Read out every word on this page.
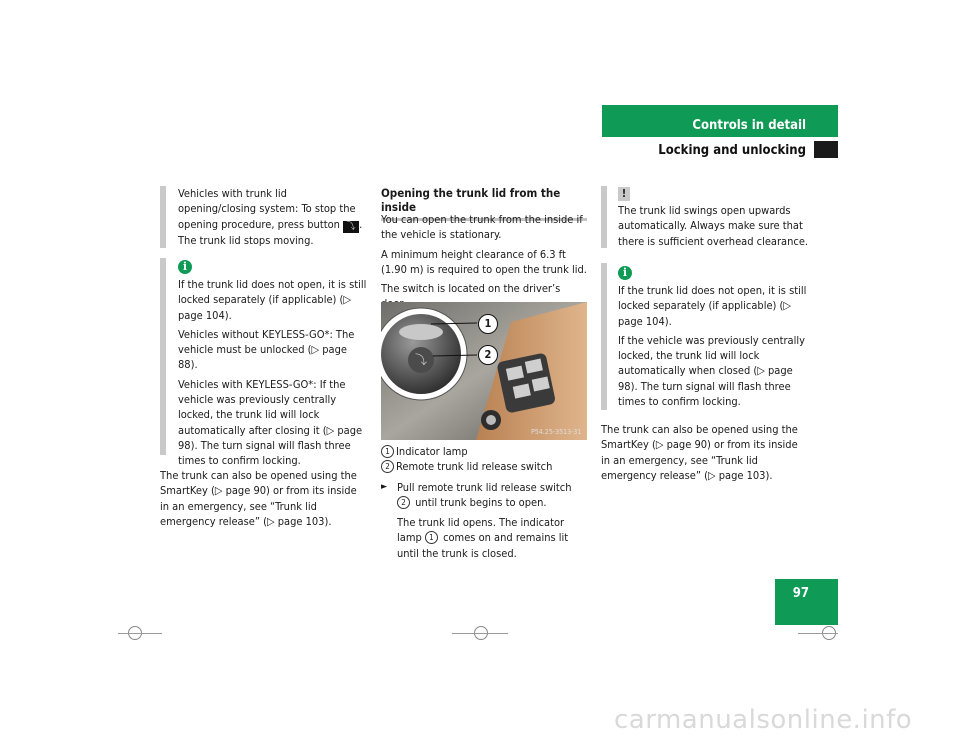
Controls in detail
Locking and unlocking
97
Vehicles with trunk lid opening/closing system: To stop the opening procedure, press button ⤵ . The trunk lid stops moving.
i

If the trunk lid does not open, it is still locked separately (if applicable) (▷ page 104).

Vehicles without KEYLESS-GO*: The vehicle must be unlocked (▷ page 88).

Vehicles with KEYLESS-GO*: If the vehicle was previously centrally locked, the trunk lid will lock automatically after closing it (▷ page 98). The turn signal will flash three times to confirm locking.

The trunk can also be opened using the SmartKey (▷ page 90) or from its inside in an emergency, see “Trunk lid emergency release” (▷ page 103).
Opening the trunk lid from the inside

You can open the trunk from the inside if the vehicle is stationary.

A minimum height clearance of 6.3 ft (1.90 m) is required to open the trunk lid.

The switch is located on the driver’s

⤵
1
2
P54.25-3513-31
1 Indicator lamp
2 Remote trunk lid release switch
► Pull remote trunk lid release switch 2 until trunk begins to open.
The trunk lid opens. The indicator lamp 1 comes on and remains lit until the trunk is closed.
!
The trunk lid swings open upwards automatically. Always make sure that there is sufficient overhead clearance.
i

If the trunk lid does not open, it is still locked separately (if applicable) (▷ page 104).

If the vehicle was previously centrally locked, the trunk lid will lock automatically when closed (▷ page 98). The turn signal will flash three times to confirm locking.

The trunk can also be opened using the SmartKey (▷ page 90) or from its inside in an emergency, see “Trunk lid emergency release” (▷ page 103).
carmanualsonline.info
